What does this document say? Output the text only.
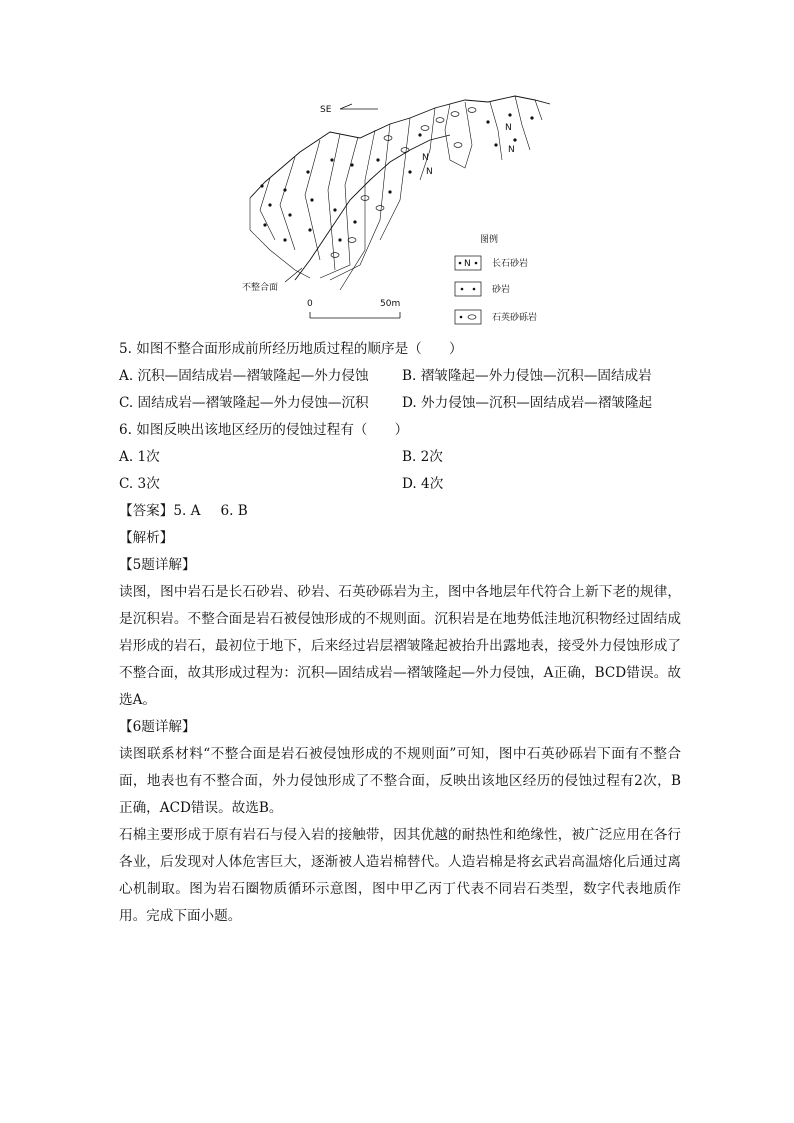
SE
N
N
N
N
不整合面
0	50m
图例
N 长石砂岩
砂岩
石英砂砾岩
5. 如图不整合面形成前所经历地质过程的顺序是（　　）
A. 沉积—固结成岩—褶皱隆起—外力侵蚀	B. 褶皱隆起—外力侵蚀—沉积—固结成岩
C. 固结成岩—褶皱隆起—外力侵蚀—沉积	D. 外力侵蚀—沉积—固结成岩—褶皱隆起
6. 如图反映出该地区经历的侵蚀过程有（　　）
A. 1次	B. 2次
C. 3次	D. 4次
【答案】5. A 6. B
【解析】
【5题详解】

读图，图中岩石是长石砂岩、砂岩、石英砂砾岩为主，图中各地层年代符合上新下老的规律，是沉积岩。不整合面是岩石被侵蚀形成的不规则面。沉积岩是在地势低洼地沉积物经过固结成岩形成的岩石，最初位于地下，后来经过岩层褶皱隆起被抬升出露地表，接受外力侵蚀形成了不整合面，故其形成过程为：沉积—固结成岩—褶皱隆起—外力侵蚀，A正确，BCD错误。故选A。

【6题详解】

读图联系材料“不整合面是岩石被侵蚀形成的不规则面”可知，图中石英砂砾岩下面有不整合面，地表也有不整合面，外力侵蚀形成了不整合面，反映出该地区经历的侵蚀过程有2次，B正确，ACD错误。故选B。

石棉主要形成于原有岩石与侵入岩的接触带，因其优越的耐热性和绝缘性，被广泛应用在各行各业，后发现对人体危害巨大，逐渐被人造岩棉替代。人造岩棉是将玄武岩高温熔化后通过离心机制取。图为岩石圈物质循环示意图，图中甲乙丙丁代表不同岩石类型，数字代表地质作用。完成下面小题。
